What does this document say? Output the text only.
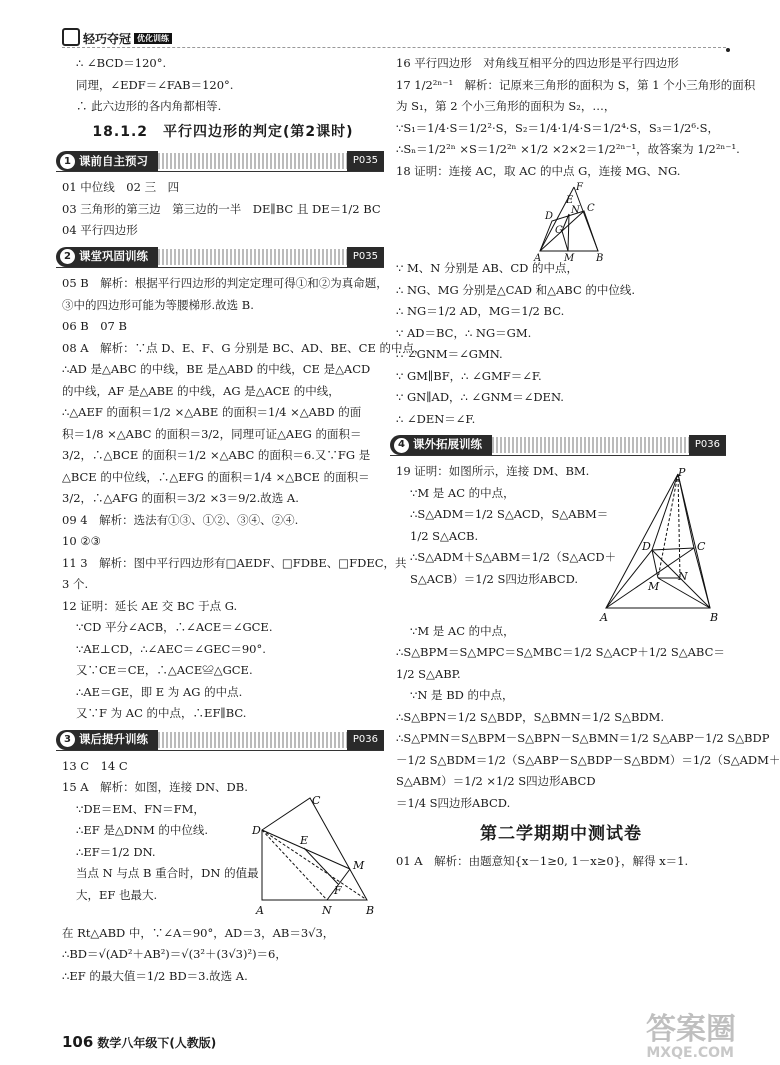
轻巧夺冠 优化训练

∴ ∠BCD＝120°.

同理，∠EDF＝∠FAB＝120°.

∴ 此六边形的各内角都相等.

18.1.2　平行四边形的判定(第2课时)
1 课前自主预习	P035

01 中位线　02 三　四

03 三角形的第三边　第三边的一半　DE∥BC 且 DE＝1/2 BC

04 平行四边形

2 课堂巩固训练	P035

05 B　解析：根据平行四边形的判定定理可得①和②为真命题，

③中的四边形可能为等腰梯形.故选 B.

06 B　07 B

08 A　解析：∵点 D、E、F、G 分别是 BC、AD、BE、CE 的中点，

∴AD 是△ABC 的中线，BE 是△ABD 的中线，CE 是△ACD

的中线，AF 是△ABE 的中线，AG 是△ACE 的中线，

∴△AEF 的面积＝1/2 ×△ABE 的面积＝1/4 ×△ABD 的面

积＝1/8 ×△ABC 的面积＝3/2，同理可证△AEG 的面积＝

3/2，∴△BCE 的面积＝1/2 ×△ABC 的面积＝6.又∵FG 是

△BCE 的中位线，∴△EFG 的面积＝1/4 ×△BCE 的面积＝

3/2，∴△AFG 的面积＝3/2 ×3＝9/2.故选 A.

09 4　解析：选法有①③、①②、③④、②④.

10 ②③

11 3　解析：图中平行四边形有□AEDF、□FDBE、□FDEC，共

3 个.

12 证明：延长 AE 交 BC 于点 G.

∵CD 平分∠ACB，∴∠ACE＝∠GCE.

∵AE⊥CD，∴∠AEC＝∠GEC＝90°.

又∵CE＝CE，∴△ACE≌△GCE.

∴AE＝GE，即 E 为 AG 的中点.

又∵F 为 AC 的中点，∴EF∥BC.

3 课后提升训练	P036

13 C　14 C

15 A　解析：如图，连接 DN、DB.

∵DE＝EM、FN＝FM，

∴EF 是△DNM 的中位线.

∴EF＝1/2 DN.

当点 N 与点 B 重合时，DN 的值最

大，EF 也最大.

D
C
E
M
F
A	N	B

在 Rt△ABD 中，∵∠A＝90°，AD＝3，AB＝3√3，

∴BD＝√(AD²＋AB²)＝√(3²＋(3√3)²)＝6，

∴EF 的最大值＝1/2 BD＝3.故选 A.

16 平行四边形　对角线互相平分的四边形是平行四边形

17 1/2²ⁿ⁻¹　解析：记原来三角形的面积为 S，第 1 个小三角形的面积

为 S₁，第 2 个小三角形的面积为 S₂，…，

∵S₁＝1/4·S＝1/2²·S，S₂＝1/4·1/4·S＝1/2⁴·S，S₃＝1/2⁶·S，

∴Sₙ＝1/2²ⁿ ×S＝1/2²ⁿ ×1/2 ×2×2＝1/2²ⁿ⁻¹，故答案为 1/2²ⁿ⁻¹.

18 证明：连接 AC，取 AC 的中点 G，连接 MG、NG.

F
E
D
N C
G
A M B

∵ M、N 分别是 AB、CD 的中点，

∴ NG、MG 分别是△CAD 和△ABC 的中位线.

∴ NG＝1/2 AD，MG＝1/2 BC.

∵ AD＝BC，∴ NG＝GM.

∴ ∠GNM＝∠GMN.

∵ GM∥BF，∴ ∠GMF＝∠F.

∵ GN∥AD，∴ ∠GNM＝∠DEN.

∴ ∠DEN＝∠F.

4 课外拓展训练	P036

19 证明：如图所示，连接 DM、BM.

∵M 是 AC 的中点，

∴S△ADM＝1/2 S△ACD，S△ABM＝

1/2 S△ACB.

∴S△ADM＋S△ABM＝1/2（S△ACD＋

S△ACB）＝1/2 S四边形ABCD.

P
D	C
M
N
A	B

∵M 是 AC 的中点，

∴S△BPM＝S△MPC＝S△MBC＝1/2 S△ACP＋1/2 S△ABC＝

1/2 S△ABP.

∵N 是 BD 的中点，

∴S△BPN＝1/2 S△BDP，S△BMN＝1/2 S△BDM.

∴S△PMN＝S△BPM－S△BPN－S△BMN＝1/2 S△ABP－1/2 S△BDP

－1/2 S△BDM＝1/2（S△ABP－S△BDP－S△BDM）＝1/2（S△ADM＋

S△ABM）＝1/2 ×1/2 S四边形ABCD

＝1/4 S四边形ABCD.

第二学期期中测试卷

01 A　解析：由题意知{x－1≥0, 1－x≥0}，解得 x＝1.

106 数学八年级下(人教版)	答案圈
MXQE.COM
